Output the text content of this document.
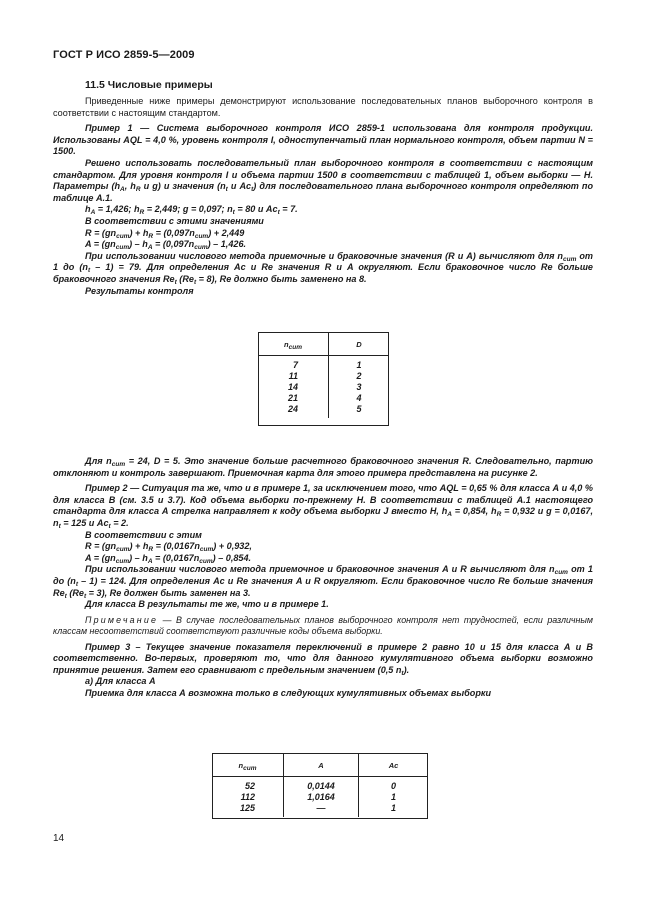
ГОСТ Р ИСО 2859-5—2009
11.5 Числовые примеры

Приведенные ниже примеры демонстрируют использование последовательных планов выборочного контроля в соответствии с настоящим стандартом.

Пример 1 — Система выборочного контроля ИСО 2859-1 использована для контроля продукции. Использованы AQL = 4,0 %, уровень контроля I, одноступенчатый план нормального контроля, объем партии N = 1500.

Решено использовать последовательный план выборочного контроля в соответствии с настоящим стандартом. Для уровня контроля I и объема партии 1500 в соответствии с таблицей 1, объем выборки — H. Параметры ($h_A$, $h_R$ и g) и значения ($n_t$ и $Ac_t$) для последовательного плана выборочного контроля определяют по таблице А.1.

$h_A = 1,426$; $h_R = 2,449$; g = 0,097; $n_t = 80$ и $Ac_t = 7$.

В соответствии с этими значениями

$R = (gn_{cum}) + h_R = (0,097n_{cum}) + 2,449$

$A = (gn_{cum}) - h_A = (0,097n_{cum}) - 1,426$.

При использовании числового метода приемочные и браковочные значения (R и A) вычисляют для $n_{cum}$ от 1 до $(n_t - 1) = 79$. Для определения Ac и Re значения R и A округляют. Если браковочное число Re больше браковочного значения $Re_t$ $(Re_t = 8)$, Re должно быть заменено на 8.

Результаты контроля

$n_{cum}$	D
7	1
11	2
14	3
21	4
24	5

Для $n_{cum} = 24$, D = 5. Это значение больше расчетного браковочного значения R. Следовательно, партию отклоняют и контроль завершают. Приемочная карта для этого примера представлена на рисунке 2.

Пример 2 — Ситуация та же, что и в примере 1, за исключением того, что AQL = 0,65 % для класса А и 4,0 % для класса В (см. 3.5 и 3.7). Код объема выборки по-прежнему Н. В соответствии с таблицей А.1 настоящего стандарта для класса А стрелка направляет к коду объема выборки J вместо Н, $h_A = 0,854$, $h_R = 0,932$ и g = 0,0167, $n_t = 125$ и $Ac_t = 2$.

В соответствии с этим

$R = (gn_{cum}) + h_R = (0,0167n_{cum}) + 0,932$,

$A = (gn_{cum}) - h_A = (0,0167n_{cum}) - 0,854$.

При использовании числового метода приемочное и браковочное значения A и R вычисляют для $n_{cum}$ от 1 до $(n_t - 1) = 124$. Для определения Ac и Re значения A и R округляют. Если браковочное число Re больше значения $Re_t$ $(Re_t = 3)$, Re должен быть заменен на 3.

Для класса В результаты те же, что и в примере 1.

Примечание — В случае последовательных планов выборочного контроля нет трудностей, если различным классам несоответствий соответствуют различные коды объема выборки.

Пример 3 – Текущее значение показателя переключений в примере 2 равно 10 и 15 для класса А и В соответственно. Во-первых, проверяют то, что для данного кумулятивного объема выборки возможно принятие решения. Затем его сравнивают с предельным значением (0,5 $n_t$).

а) Для класса А

Приемка для класса А возможна только в следующих кумулятивных объемах выборки

$n_{cum}$	A	Ac
52	0,0144	0
112	1,0164	1
125	—	1
14
